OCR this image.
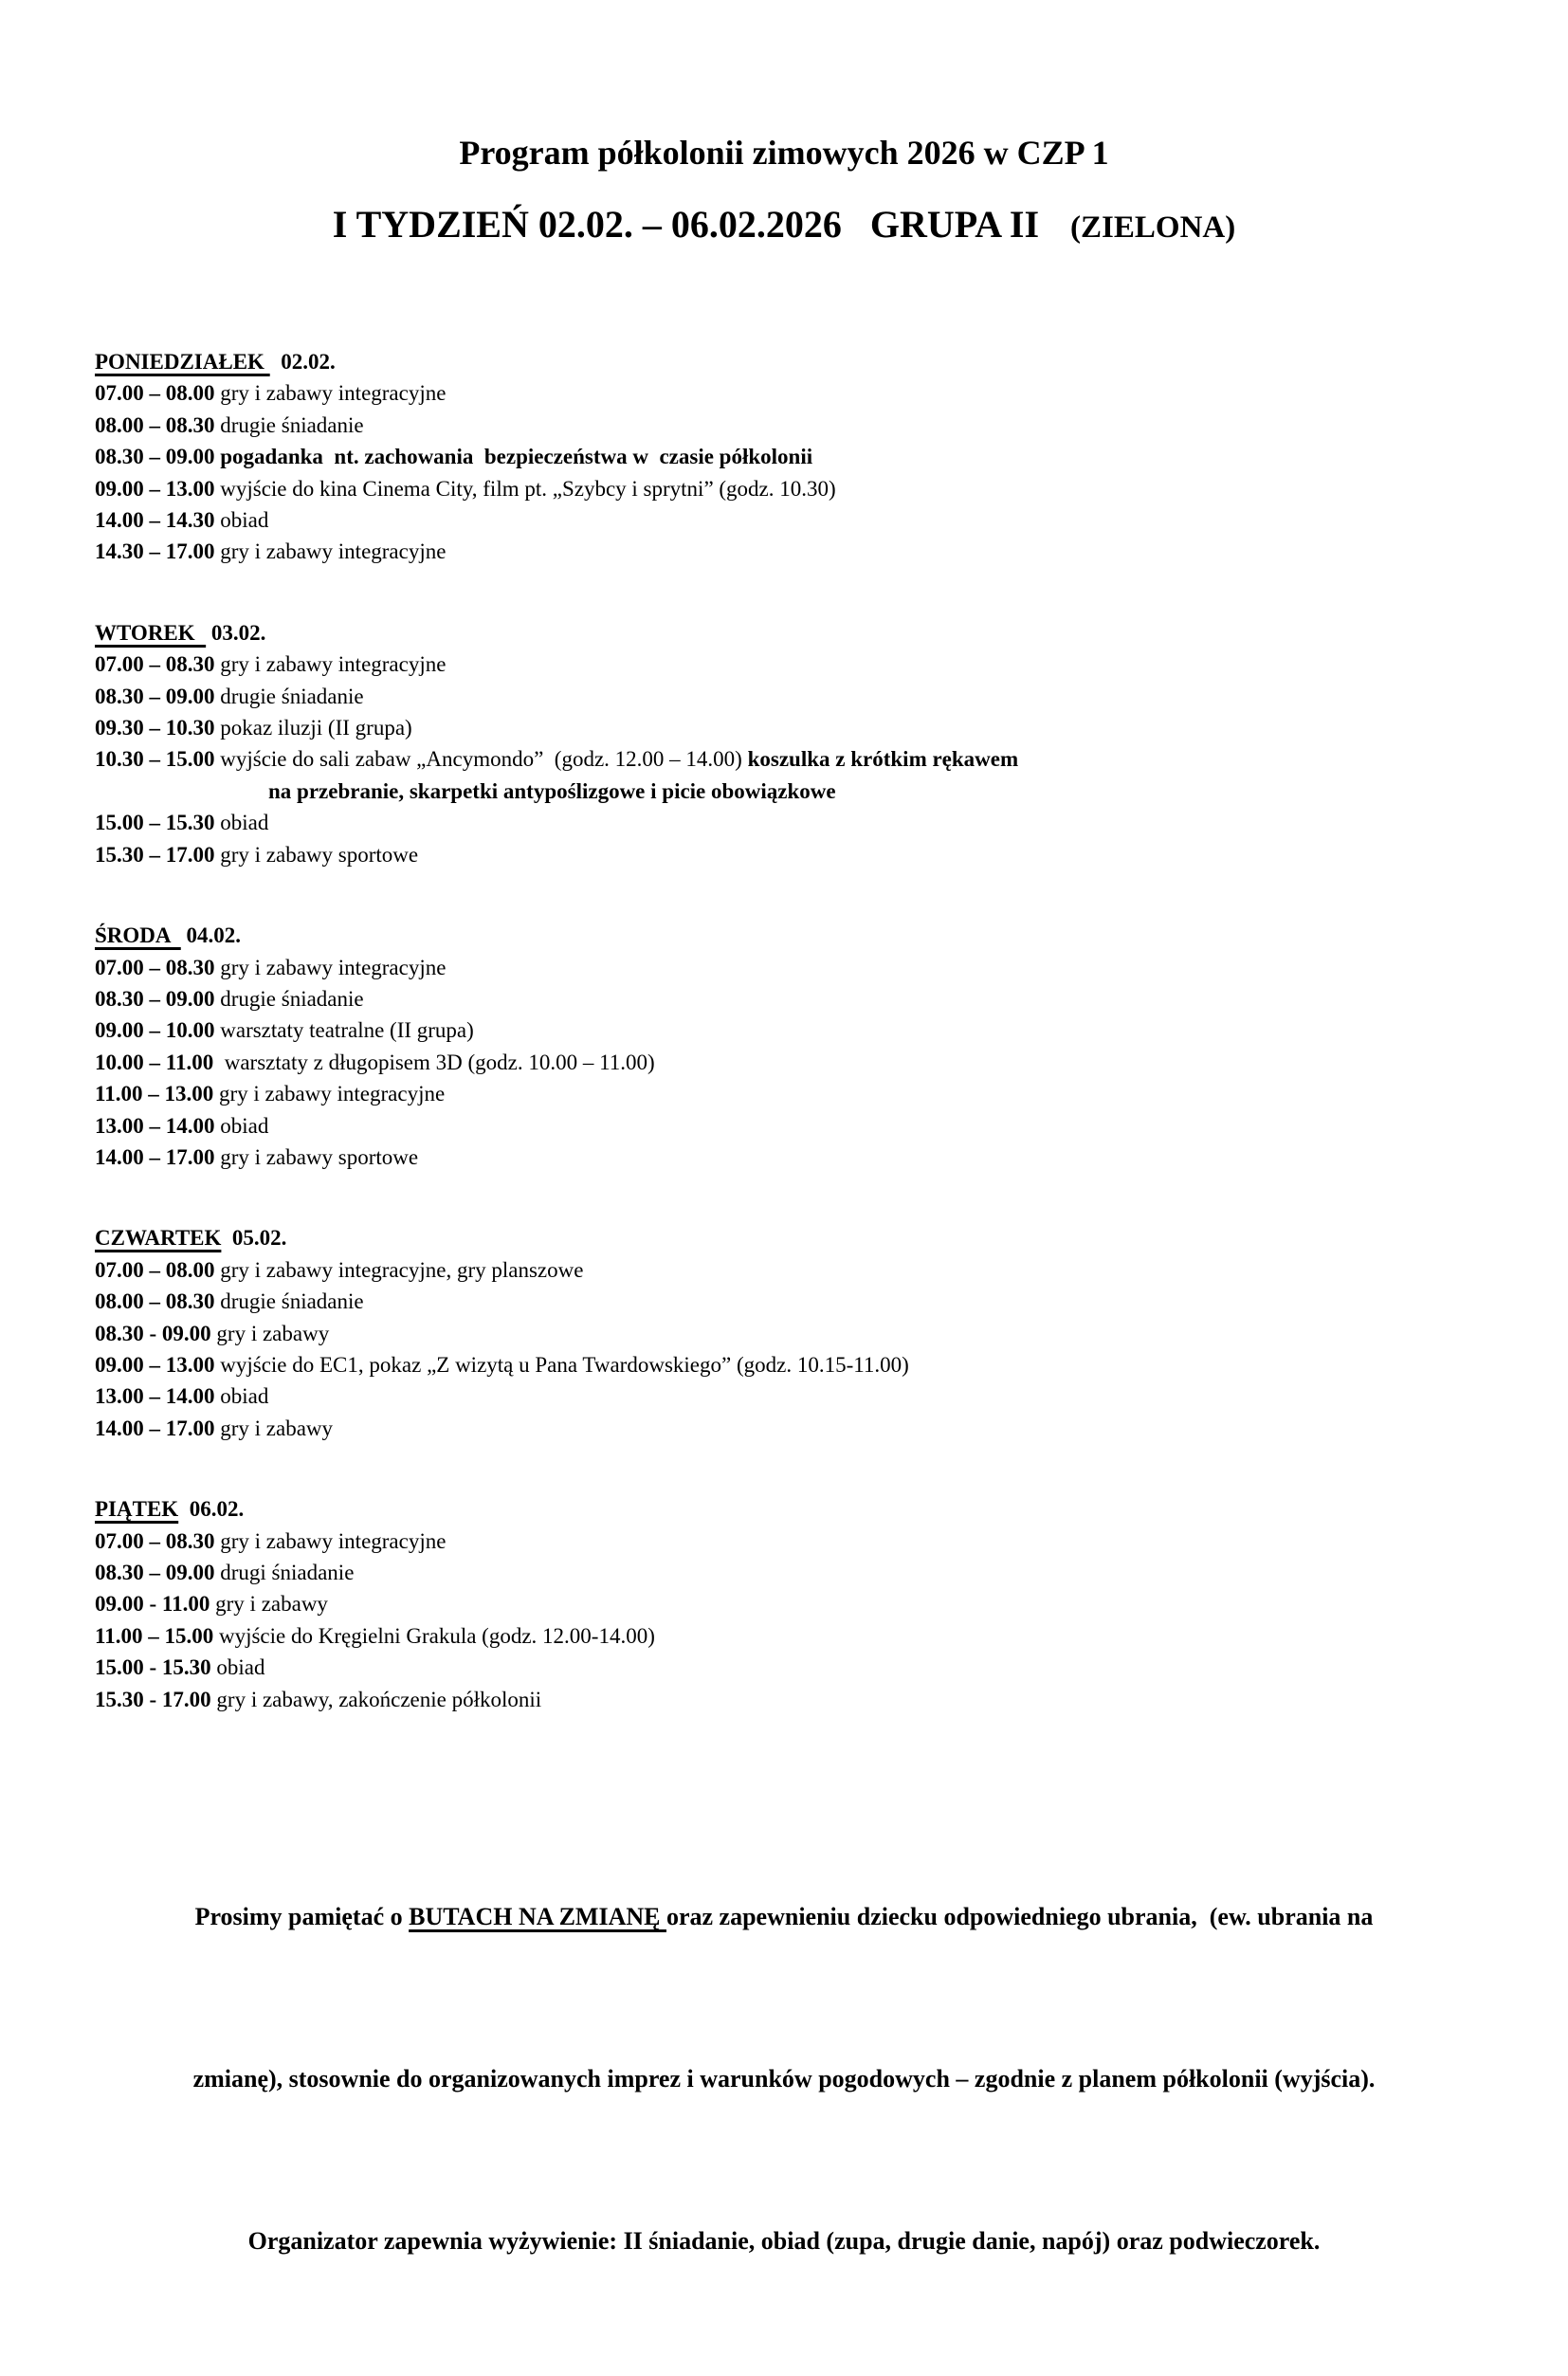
Program półkolonii zimowych 2026 w CZP 1
I TYDZIEŃ 02.02. – 06.02.2026   GRUPA II    (ZIELONA)
PONIEDZIAŁEK   02.02.
07.00 – 08.00 gry i zabawy integracyjne
08.00 – 08.30 drugie śniadanie
08.30 – 09.00 pogadanka  nt. zachowania  bezpieczeństwa w  czasie półkolonii
09.00 – 13.00 wyjście do kina Cinema City, film pt. „Szybcy i sprytni” (godz. 10.30)
14.00 – 14.30 obiad
14.30 – 17.00 gry i zabawy integracyjne
WTOREK   03.02.
07.00 – 08.30 gry i zabawy integracyjne
08.30 – 09.00 drugie śniadanie
09.30 – 10.30 pokaz iluzji (II grupa)
10.30 – 15.00 wyjście do sali zabaw „Ancymondo”  (godz. 12.00 – 14.00) koszulka z krótkim rękawem
na przebranie, skarpetki antypoślizgowe i picie obowiązkowe
15.00 – 15.30 obiad
15.30 – 17.00 gry i zabawy sportowe
ŚRODA   04.02.
07.00 – 08.30 gry i zabawy integracyjne
08.30 – 09.00 drugie śniadanie
09.00 – 10.00 warsztaty teatralne (II grupa)
10.00 – 11.00  warsztaty z długopisem 3D (godz. 10.00 – 11.00)
11.00 – 13.00 gry i zabawy integracyjne
13.00 – 14.00 obiad
14.00 – 17.00 gry i zabawy sportowe
CZWARTEK  05.02.
07.00 – 08.00 gry i zabawy integracyjne, gry planszowe
08.00 – 08.30 drugie śniadanie
08.30 - 09.00 gry i zabawy
09.00 – 13.00 wyjście do EC1, pokaz „Z wizytą u Pana Twardowskiego” (godz. 10.15-11.00)
13.00 – 14.00 obiad
14.00 – 17.00 gry i zabawy
PIĄTEK  06.02.
07.00 – 08.30 gry i zabawy integracyjne
08.30 – 09.00 drugi śniadanie
09.00 - 11.00 gry i zabawy
11.00 – 15.00 wyjście do Kręgielni Grakula (godz. 12.00-14.00)
15.00 - 15.30 obiad
15.30 - 17.00 gry i zabawy, zakończenie półkolonii

Prosimy pamiętać o BUTACH NA ZMIANĘ oraz zapewnieniu dziecku odpowiedniego ubrania,  (ew. ubrania na

zmianę), stosownie do organizowanych imprez i warunków pogodowych – zgodnie z planem półkolonii (wyjścia).

Organizator zapewnia wyżywienie: II śniadanie, obiad (zupa, drugie danie, napój) oraz podwieczorek.
